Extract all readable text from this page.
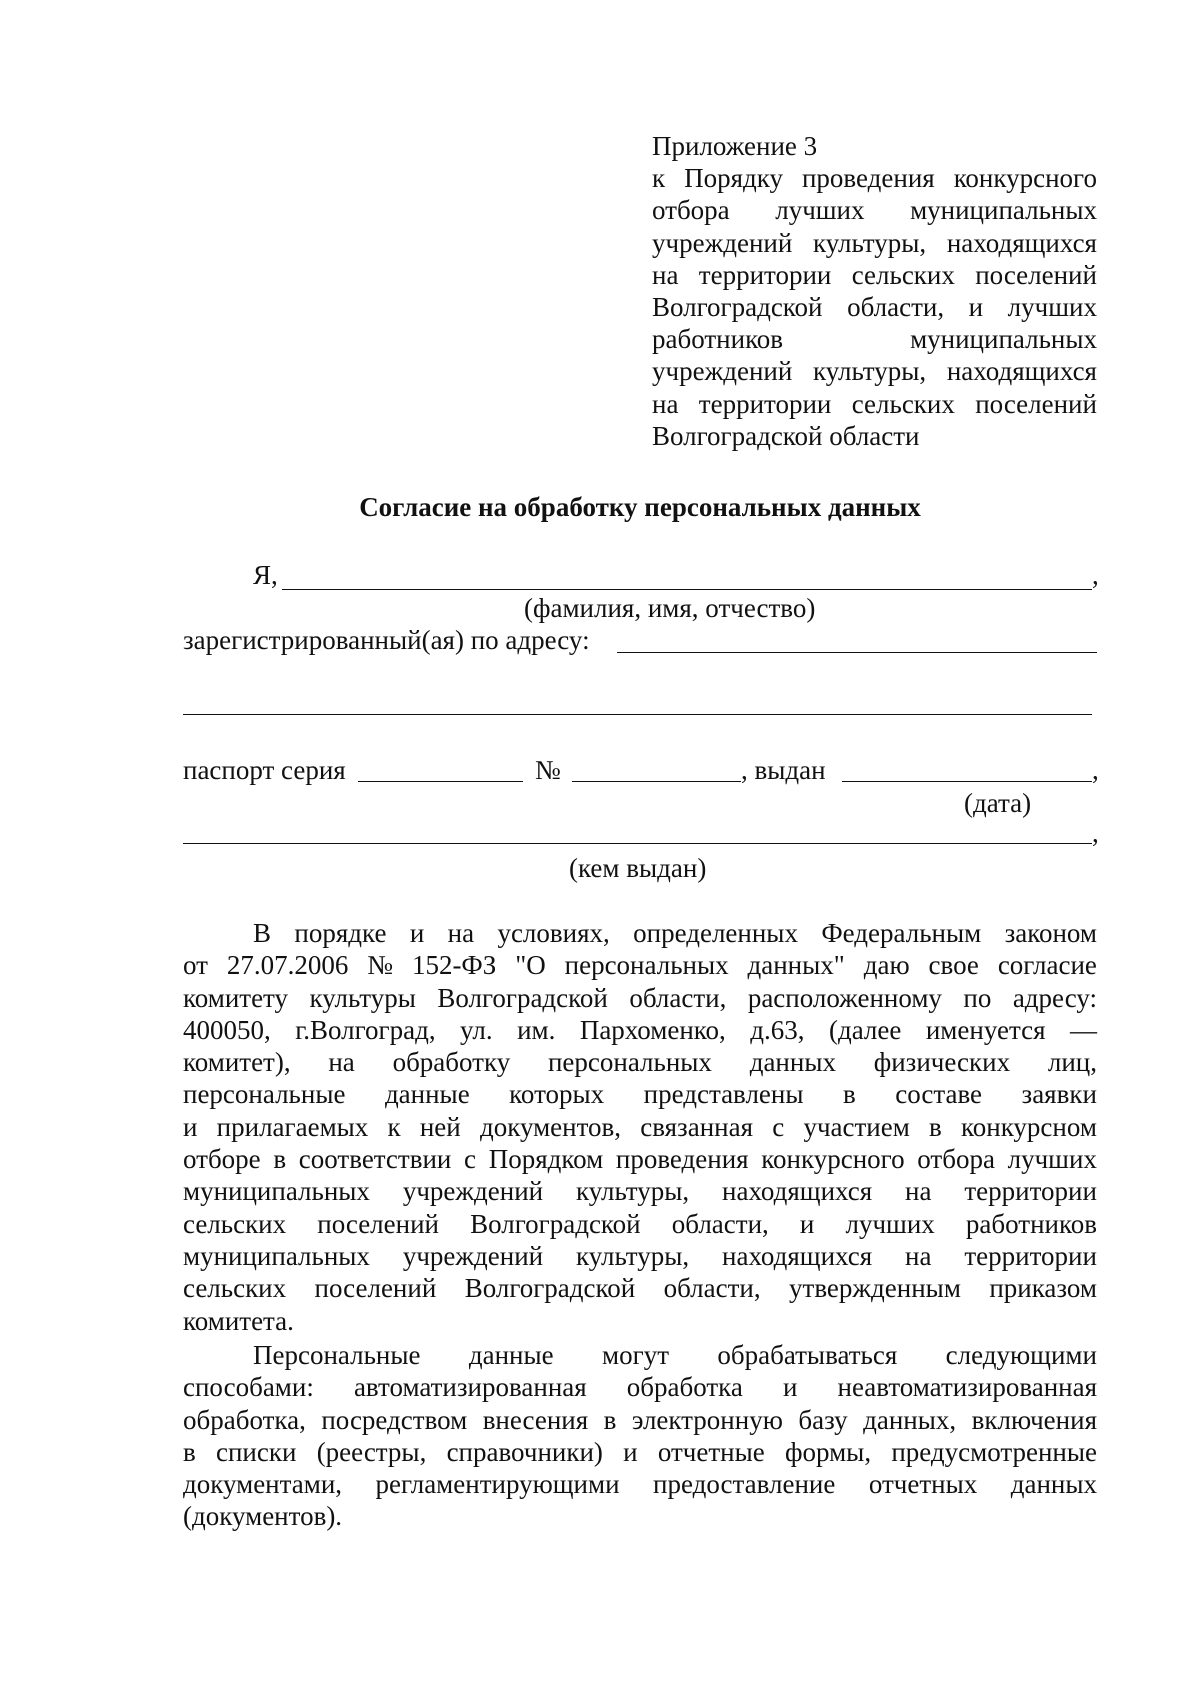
Приложение 3
к Порядку проведения конкурсного
отбора лучших муниципальных
учреждений культуры, находящихся
на территории сельских поселений
Волгоградской области, и лучших
работников	муниципальных
учреждений культуры, находящихся
на территории сельских поселений
Волгоградской области
Согласие на обработку персональных данных
Я,	,
(фамилия, имя, отчество)
зарегистрированный(ая) по адресу:
паспорт серия	№	, выдан	,
(дата)
,
(кем выдан)
В порядке и на условиях, определенных Федеральным законом
от 27.07.2006 № 152-ФЗ "О персональных данных" даю свое согласие
комитету культуры Волгоградской области, расположенному по адресу:
400050, г.Волгоград, ул. им. Пархоменко, д.63, (далее именуется —
комитет), на обработку персональных данных физических лиц,
персональные данные которых представлены в составе заявки
и прилагаемых к ней документов, связанная с участием в конкурсном
отборе в соответствии с Порядком проведения конкурсного отбора лучших
муниципальных учреждений культуры, находящихся на территории
сельских поселений Волгоградской области, и лучших работников
муниципальных учреждений культуры, находящихся на территории
сельских поселений Волгоградской области, утвержденным приказом
комитета.
Персональные данные могут обрабатываться следующими
способами: автоматизированная обработка и неавтоматизированная
обработка, посредством внесения в электронную базу данных, включения
в списки (реестры, справочники) и отчетные формы, предусмотренные
документами, регламентирующими предоставление отчетных данных
(документов).
